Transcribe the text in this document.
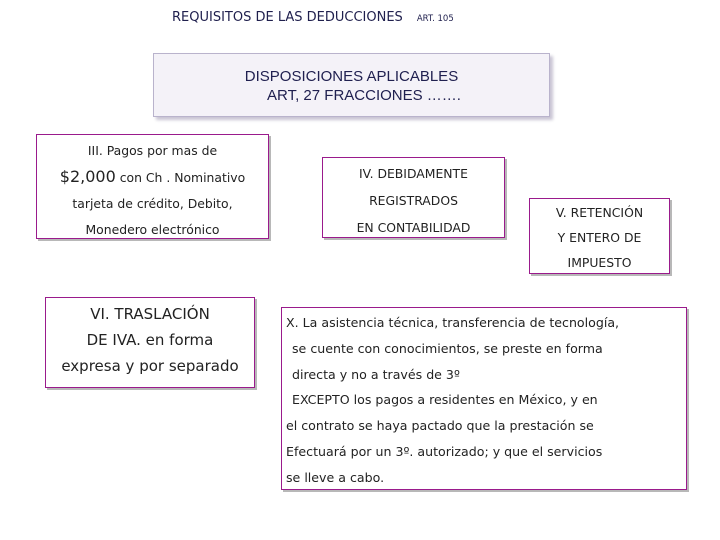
REQUISITOS DE LAS DEDUCCIONES ART. 105
DISPOSICIONES APLICABLES
ART, 27 FRACCIONES …….
III. Pagos por mas de
$2,000 con Ch . Nominativo
tarjeta de crédito, Debito,
Monedero electrónico
IV. DEBIDAMENTE
REGISTRADOS
EN CONTABILIDAD
V. RETENCIÓN
Y ENTERO DE
IMPUESTO
VI. TRASLACIÓN
DE IVA. en forma
expresa y por separado
X. La asistencia técnica, transferencia de tecnología,
se cuente con conocimientos, se preste en forma
directa y no a través de 3º
EXCEPTO los pagos a residentes en México, y en
el contrato se haya pactado que la prestación se
Efectuará por un 3º. autorizado; y que el servicios
se lleve a cabo.
